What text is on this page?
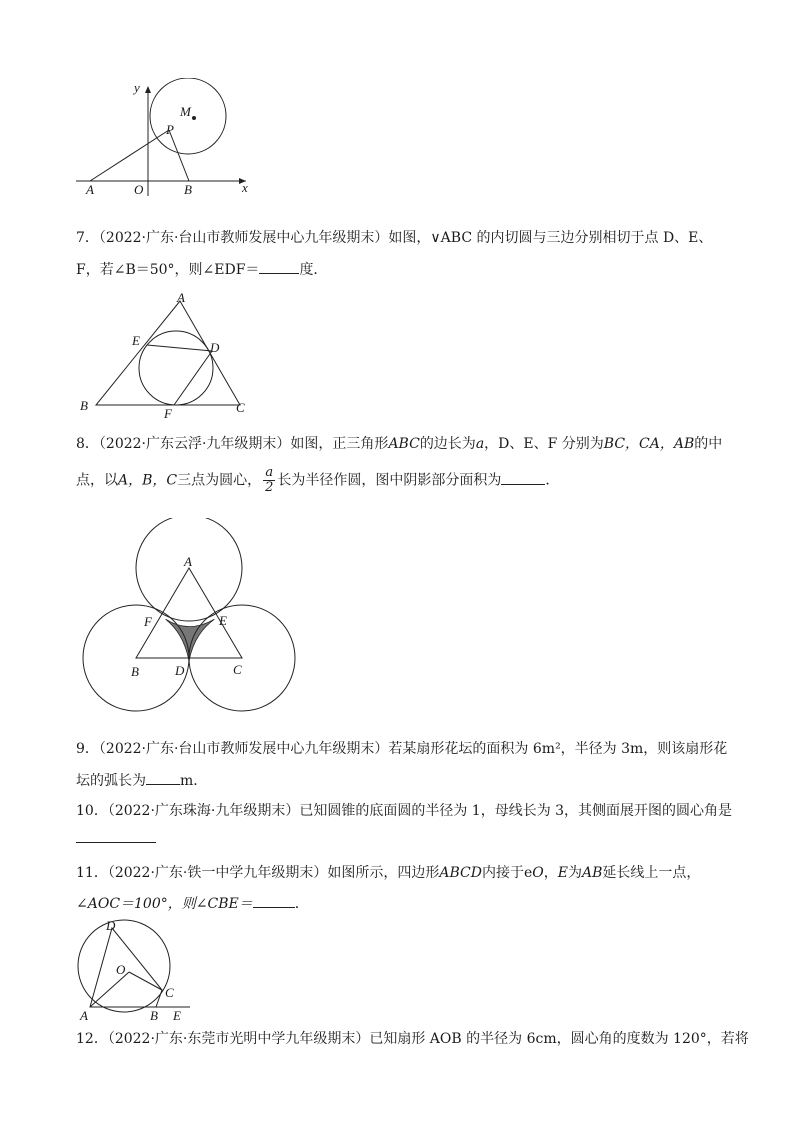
y
M
P
A	O	B	x
7．（2022·广东·台山市教师发展中心九年级期末）如图，∨ABC 的内切圆与三边分别相切于点 D、E、
F，若∠B＝50°，则∠EDF＝	度．
A
E	D
B
F	C
8．（2022·广东云浮·九年级期末）如图，正三角形ABC的边长为a，D、E、F 分别为BC，CA，AB的中
点，以A，B，C三点为圆心， $\frac{a}{2}$ 长为半径作圆，图中阴影部分面积为	．
A
F	E
B	D	C
9．（2022·广东·台山市教师发展中心九年级期末）若某扇形花坛的面积为 6m²，半径为 3m，则该扇形花
坛的弧长为 m．
10．（2022·广东珠海·九年级期末）已知圆锥的底面圆的半径为 1，母线长为 3，其侧面展开图的圆心角是
11．（2022·广东·铁一中学九年级期末）如图所示，四边形ABCD内接于eO，E为AB延长线上一点，
∠AOC＝100°，则∠CBE＝	．
D
O
C
A	B E
12．（2022·广东·东莞市光明中学九年级期末）已知扇形 AOB 的半径为 6cm，圆心角的度数为 120°，若将
